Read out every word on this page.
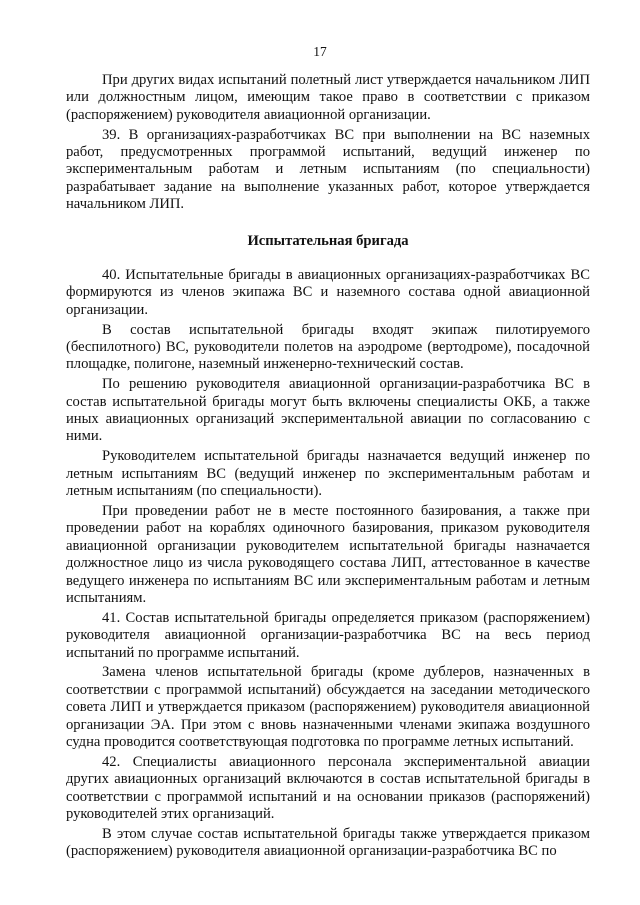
17

При других видах испытаний полетный лист утверждается начальником ЛИП или должностным лицом, имеющим такое право в соответствии с приказом (распоряжением) руководителя авиационной организации.

39. В организациях-разработчиках ВС при выполнении на ВС наземных работ, предусмотренных программой испытаний, ведущий инженер по экспериментальным работам и летным испытаниям (по специальности) разрабатывает задание на выполнение указанных работ, которое утверждается начальником ЛИП.

Испытательная бригада

40. Испытательные бригады в авиационных организациях-разработчиках ВС формируются из членов экипажа ВС и наземного состава одной авиационной организации.

В состав испытательной бригады входят экипаж пилотируемого (беспилотного) ВС, руководители полетов на аэродроме (вертодроме), посадочной площадке, полигоне, наземный инженерно-технический состав.

По решению руководителя авиационной организации-разработчика ВС в состав испытательной бригады могут быть включены специалисты ОКБ, а также иных авиационных организаций экспериментальной авиации по согласованию с ними.

Руководителем испытательной бригады назначается ведущий инженер по летным испытаниям ВС (ведущий инженер по экспериментальным работам и летным испытаниям (по специальности).

При проведении работ не в месте постоянного базирования, а также при проведении работ на кораблях одиночного базирования, приказом руководителя авиационной организации руководителем испытательной бригады назначается должностное лицо из числа руководящего состава ЛИП, аттестованное в качестве ведущего инженера по испытаниям ВС или экспериментальным работам и летным испытаниям.

41. Состав испытательной бригады определяется приказом (распоряжением) руководителя авиационной организации-разработчика ВС на весь период испытаний по программе испытаний.

Замена членов испытательной бригады (кроме дублеров, назначенных в соответствии с программой испытаний) обсуждается на заседании методического совета ЛИП и утверждается приказом (распоряжением) руководителя авиационной организации ЭА. При этом с вновь назначенными членами экипажа воздушного судна проводится соответствующая подготовка по программе летных испытаний.

42. Специалисты авиационного персонала экспериментальной авиации других авиационных организаций включаются в состав испытательной бригады в соответствии с программой испытаний и на основании приказов (распоряжений) руководителей этих организаций.

В этом случае состав испытательной бригады также утверждается приказом (распоряжением) руководителя авиационной организации-разработчика ВС по
